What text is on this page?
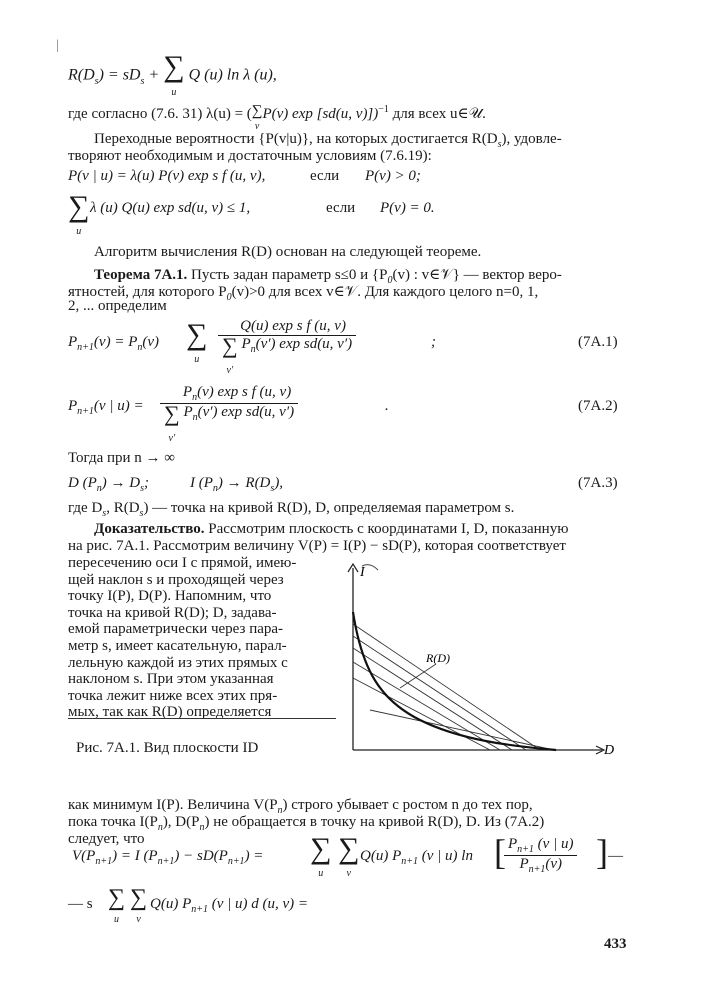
|
$R(D_s) = sD_s$ + ∑
u Q (u) ln λ (u),
где согласно (7.6. 31) λ(u) = (∑
vP(v) exp [sd(u, v)])$^{-1}$ для всех u∈𝒰.
Переходные вероятности {P(v|u)}, на которых достигается $R(D_s)$, удовле-
творяют необходимым и достаточным условиям (7.6.19):
P(v | u) = λ(u) P(v) exp s f (u, v),	если P(v) > 0;
∑
u
λ (u) Q(u) exp sd(u, v) ≤ 1,	если P(v) = 0.
Алгоритм вычисления R(D) основан на следующей теореме.
Теорема 7А.1. Пусть задан параметр s≤0 и {$P_0(v)$ : v∈𝒱} — вектор веро-
ятностей, для которого $P_0(v)>0$ для всех v∈𝒱. Для каждого целого n=0, 1,
2, ... определим
$P_{n+1}(v) = P_n(v)$ ∑
u
Q(u) exp s f (u, v)
∑
v′ $P_n(v')$ exp sd(u, v′)	;	(7A.1)
$P_{n+1}(v$ | u) =
$P_n(v)$ exp s f (u, v)
∑
v′ $P_n(v')$ exp sd(u, v′)	.	(7A.2)
Тогда при n → ∞
D $(P_n) \to D_s$;	I $(P_n) \to R(D_s)$,	(7A.3)
где $D_s$, $R(D_s)$ — точка на кривой R(D), D, определяемая параметром s.
Доказательство. Рассмотрим плоскость с координатами I, D, показанную
на рис. 7А.1. Рассмотрим величину V(P) = I(P) − sD(P), которая соответствует
пересечению оси I с прямой, имею-
щей наклон s и проходящей через
точку I(P), D(P). Напомним, что
точка на кривой R(D); D, задава-
емой параметрически через пара-
метр s, имеет касательную, парал-
лельную каждой из этих прямых с
наклоном s. При этом указанная
точка лежит ниже всех этих пря-
мых, так как R(D) определяется
Рис. 7А.1. Вид плоскости ID
I
D
R(D)
как минимум I(P). Величина $V(P_n)$ строго убывает с ростом n до тех пор,
пока точка $I(P_n)$, $D(P_n)$ не обращается в точку на кривой R(D), D. Из (7А.2)
следует, что
$V(P_{n+1}) = I$ $(P_{n+1}) - sD(P_{n+1})$ = ∑
u
∑
v
Q(u) $P_{n+1}$ (v | u) ln [
$\frac{P_{n+1} (v | u)}{P_{n+1}(v)}$ ] —
— s ∑
u
∑
v
Q(u) $P_{n+1}$ (v | u) d (u, v) =
433
